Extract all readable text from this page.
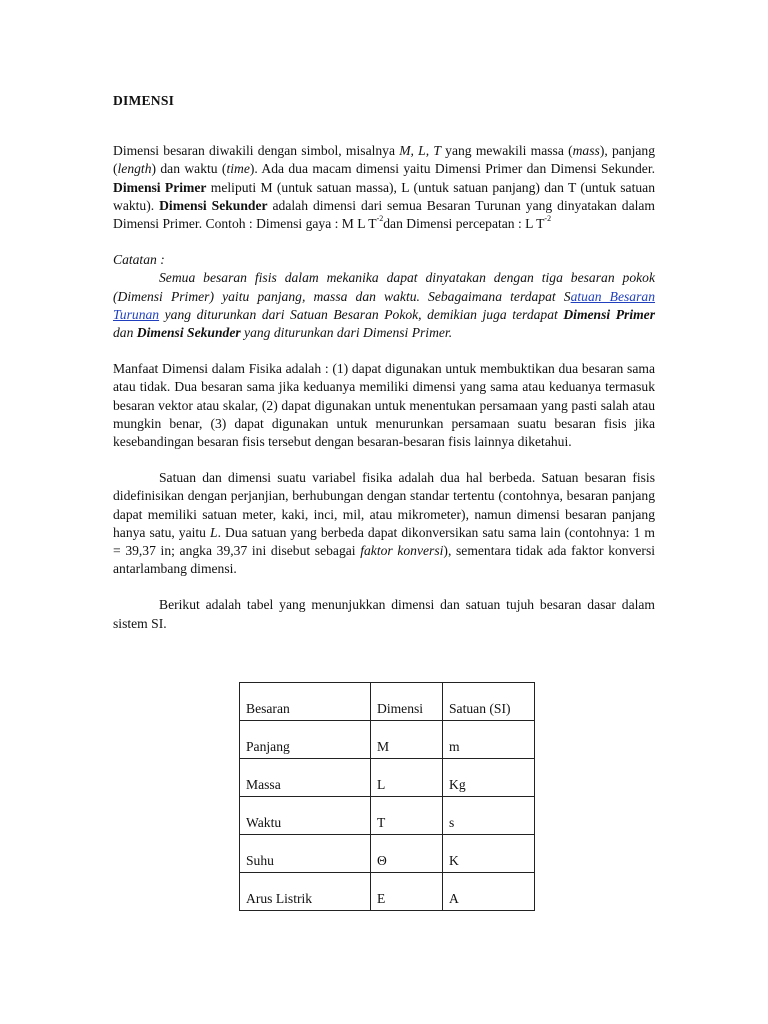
DIMENSI

Dimensi besaran diwakili dengan simbol, misalnya M, L, T yang mewakili massa (mass), panjang (length) dan waktu (time). Ada dua macam dimensi yaitu Dimensi Primer dan Dimensi Sekunder. Dimensi Primer meliputi M (untuk satuan massa), L (untuk satuan panjang) dan T (untuk satuan waktu). Dimensi Sekunder adalah dimensi dari semua Besaran Turunan yang dinyatakan dalam Dimensi Primer. Contoh : Dimensi gaya : M L $T^{-2}dan$ Dimensi percepatan : L $T^{-2}$

Catatan :

Semua besaran fisis dalam mekanika dapat dinyatakan dengan tiga besaran pokok (Dimensi Primer) yaitu panjang, massa dan waktu. Sebagaimana terdapat Satuan Besaran Turunan yang diturunkan dari Satuan Besaran Pokok, demikian juga terdapat Dimensi Primer dan Dimensi Sekunder yang diturunkan dari Dimensi Primer.

Manfaat Dimensi dalam Fisika adalah : (1) dapat digunakan untuk membuktikan dua besaran sama atau tidak. Dua besaran sama jika keduanya memiliki dimensi yang sama atau keduanya termasuk besaran vektor atau skalar, (2) dapat digunakan untuk menentukan persamaan yang pasti salah atau mungkin benar, (3) dapat digunakan untuk menurunkan persamaan suatu besaran fisis jika kesebandingan besaran fisis tersebut dengan besaran-besaran fisis lainnya diketahui.

Satuan dan dimensi suatu variabel fisika adalah dua hal berbeda. Satuan besaran fisis didefinisikan dengan perjanjian, berhubungan dengan standar tertentu (contohnya, besaran panjang dapat memiliki satuan meter, kaki, inci, mil, atau mikrometer), namun dimensi besaran panjang hanya satu, yaitu L. Dua satuan yang berbeda dapat dikonversikan satu sama lain (contohnya: 1 m = 39,37 in; angka 39,37 ini disebut sebagai faktor konversi), sementara tidak ada faktor konversi antarlambang dimensi.

Berikut adalah tabel yang menunjukkan dimensi dan satuan tujuh besaran dasar dalam sistem SI.

Besaran	Dimensi	Satuan (SI)
Panjang	M	m
Massa	L	Kg
Waktu	T	s
Suhu	Θ	K
Arus Listrik	E	A
